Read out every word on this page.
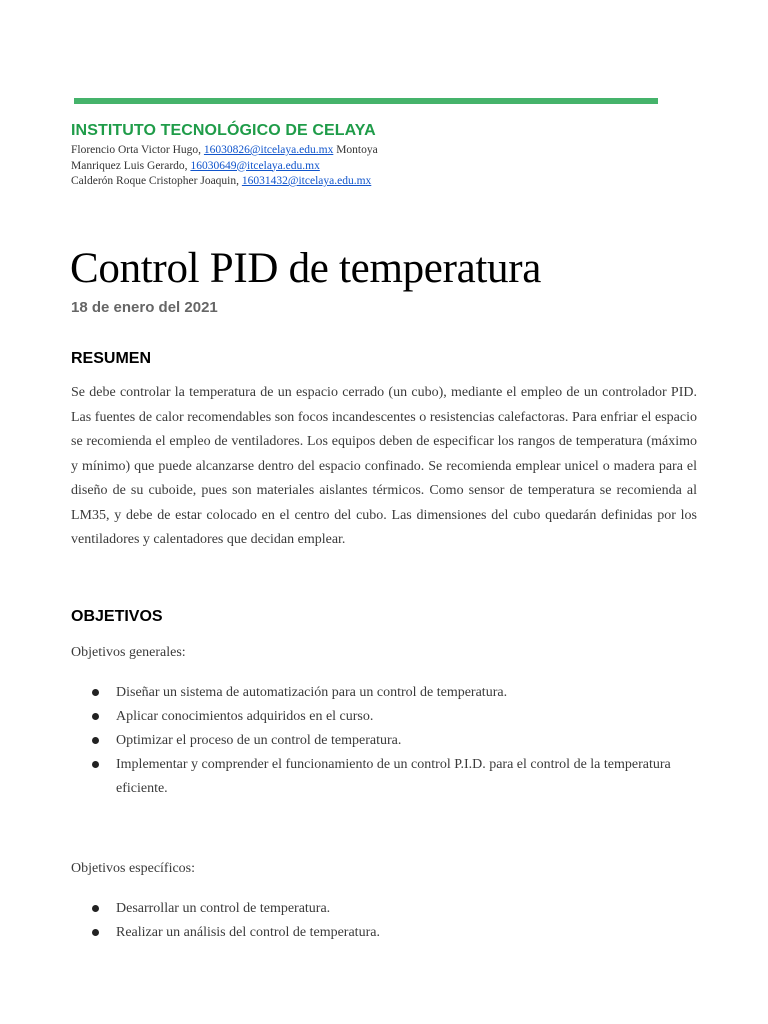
INSTITUTO TECNOLÓGICO DE CELAYA
Florencio Orta Victor Hugo, 16030826@itcelaya.edu.mx Montoya
Manriquez Luis Gerardo, 16030649@itcelaya.edu.mx
Calderón Roque Cristopher Joaquin, 16031432@itcelaya.edu.mx
Control PID de temperatura
18 de enero del 2021
RESUMEN

Se debe controlar la temperatura de un espacio cerrado (un cubo), mediante el empleo de un controlador PID. Las fuentes de calor recomendables son focos incandescentes o resistencias calefactoras. Para enfriar el espacio se recomienda el empleo de ventiladores. Los equipos deben de especificar los rangos de temperatura (máximo y mínimo) que puede alcanzarse dentro del espacio confinado. Se recomienda emplear unicel o madera para el diseño de su cuboide, pues son materiales aislantes térmicos. Como sensor de temperatura se recomienda al LM35, y debe de estar colocado en el centro del cubo. Las dimensiones del cubo quedarán definidas por los ventiladores y calentadores que decidan emplear.

OBJETIVOS

Objetivos generales:

Diseñar un sistema de automatización para un control de temperatura.
Aplicar conocimientos adquiridos en el curso.
Optimizar el proceso de un control de temperatura.
Implementar y comprender el funcionamiento de un control P.I.D. para el control de la temperatura eficiente.

Objetivos específicos:

Desarrollar un control de temperatura.
Realizar un análisis del control de temperatura.
